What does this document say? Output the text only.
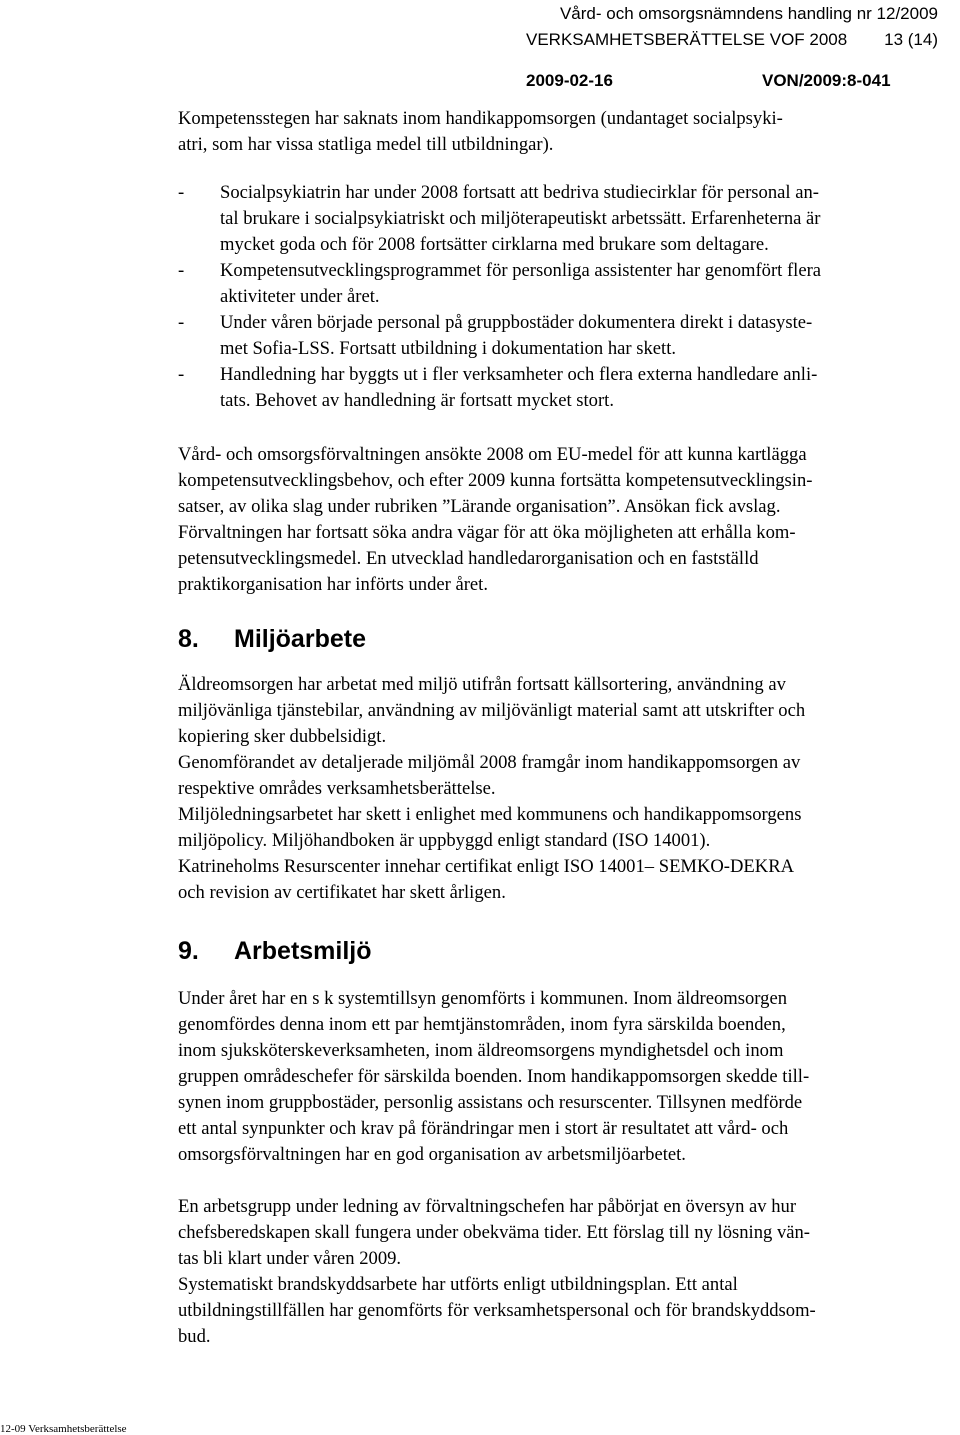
Vård- och omsorgsnämndens handling nr 12/2009
VERKSAMHETSBERÄTTELSE VOF 2008 13 (14)
2009-02-16	VON/2009:8-041

Kompetensstegen har saknats inom handikappomsorgen (undantaget socialpsyki-

atri, som har vissa statliga medel till utbildningar).

- Socialpsykiatrin har under 2008 fortsatt att bedriva studiecirklar för personal an-
tal brukare i socialpsykiatriskt och miljöterapeutiskt arbetssätt. Erfarenheterna är
mycket goda och för 2008 fortsätter cirklarna med brukare som deltagare.
- Kompetensutvecklingsprogrammet för personliga assistenter har genomfört flera
aktiviteter under året.
- Under våren började personal på gruppbostäder dokumentera direkt i datasyste-
met Sofia-LSS. Fortsatt utbildning i dokumentation har skett.
- Handledning har byggts ut i fler verksamheter och flera externa handledare anli-
tats. Behovet av handledning är fortsatt mycket stort.

Vård- och omsorgsförvaltningen ansökte 2008 om EU-medel för att kunna kartlägga

kompetensutvecklingsbehov, och efter 2009 kunna fortsätta kompetensutvecklingsin-

satser, av olika slag under rubriken ”Lärande organisation”. Ansökan fick avslag.

Förvaltningen har fortsatt söka andra vägar för att öka möjligheten att erhålla kom-

petensutvecklingsmedel. En utvecklad handledarorganisation och en fastställd

praktikorganisation har införts under året.

8. Miljöarbete

Äldreomsorgen har arbetat med miljö utifrån fortsatt källsortering, användning av

miljövänliga tjänstebilar, användning av miljövänligt material samt att utskrifter och

kopiering sker dubbelsidigt.

Genomförandet av detaljerade miljömål 2008 framgår inom handikappomsorgen av

respektive områdes verksamhetsberättelse.

Miljöledningsarbetet har skett i enlighet med kommunens och handikappomsorgens

miljöpolicy. Miljöhandboken är uppbyggd enligt standard (ISO 14001).

Katrineholms Resurscenter innehar certifikat enligt ISO 14001– SEMKO-DEKRA

och revision av certifikatet har skett årligen.

9. Arbetsmiljö

Under året har en s k systemtillsyn genomförts i kommunen. Inom äldreomsorgen

genomfördes denna inom ett par hemtjänstområden, inom fyra särskilda boenden,

inom sjuksköterskeverksamheten, inom äldreomsorgens myndighetsdel och inom

gruppen områdeschefer för särskilda boenden. Inom handikappomsorgen skedde till-

synen inom gruppbostäder, personlig assistans och resurscenter. Tillsynen medförde

ett antal synpunkter och krav på förändringar men i stort är resultatet att vård- och

omsorgsförvaltningen har en god organisation av arbetsmiljöarbetet.

En arbetsgrupp under ledning av förvaltningschefen har påbörjat en översyn av hur

chefsberedskapen skall fungera under obekväma tider. Ett förslag till ny lösning vän-

tas bli klart under våren 2009.

Systematiskt brandskyddsarbete har utförts enligt utbildningsplan. Ett antal

utbildningstillfällen har genomförts för verksamhetspersonal och för brandskyddsom-

bud.

12-09 Verksamhetsberättelse
